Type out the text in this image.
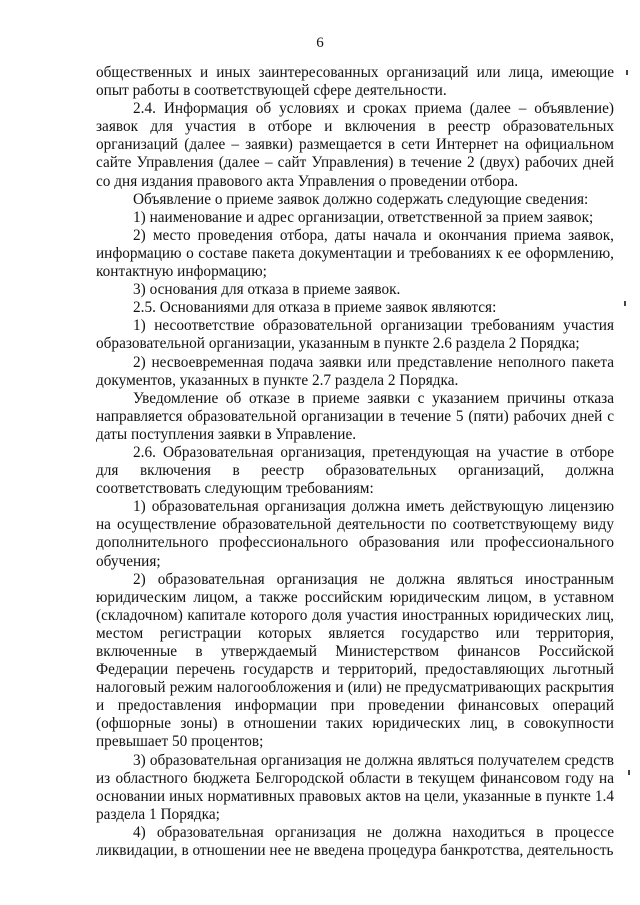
6

общественных и иных заинтересованных организаций или лица, имеющие опыт работы в соответствующей сфере деятельности.

2.4. Информация об условиях и сроках приема (далее – объявление) заявок для участия в отборе и включения в реестр образовательных организаций (далее – заявки) размещается в сети Интернет на официальном сайте Управления (далее – сайт Управления) в течение 2 (двух) рабочих дней со дня издания правового акта Управления о проведении отбора.

Объявление о приеме заявок должно содержать следующие сведения:

1) наименование и адрес организации, ответственной за прием заявок;

2) место проведения отбора, даты начала и окончания приема заявок, информацию о составе пакета документации и требованиях к ее оформлению, контактную информацию;

3) основания для отказа в приеме заявок.

2.5. Основаниями для отказа в приеме заявок являются:

1) несоответствие образовательной организации требованиям участия образовательной организации, указанным в пункте 2.6 раздела 2 Порядка;

2) несвоевременная подача заявки или представление неполного пакета документов, указанных в пункте 2.7 раздела 2 Порядка.

Уведомление об отказе в приеме заявки с указанием причины отказа направляется образовательной организации в течение 5 (пяти) рабочих дней с даты поступления заявки в Управление.

2.6. Образовательная организация, претендующая на участие в отборе для включения в реестр образовательных организаций, должна соответствовать следующим требованиям:

1) образовательная организация должна иметь действующую лицензию на осуществление образовательной деятельности по соответствующему виду дополнительного профессионального образования или профессионального обучения;

2) образовательная организация не должна являться иностранным юридическим лицом, а также российским юридическим лицом, в уставном (складочном) капитале которого доля участия иностранных юридических лиц, местом регистрации которых является государство или территория, включенные в утверждаемый Министерством финансов Российской Федерации перечень государств и территорий, предоставляющих льготный налоговый режим налогообложения и (или) не предусматривающих раскрытия и предоставления информации при проведении финансовых операций (офшорные зоны) в отношении таких юридических лиц, в совокупности превышает 50 процентов;

3) образовательная организация не должна являться получателем средств из областного бюджета Белгородской области в текущем финансовом году на основании иных нормативных правовых актов на цели, указанные в пункте 1.4 раздела 1 Порядка;

4) образовательная организация не должна находиться в процессе ликвидации, в отношении нее не введена процедура банкротства, деятельность
